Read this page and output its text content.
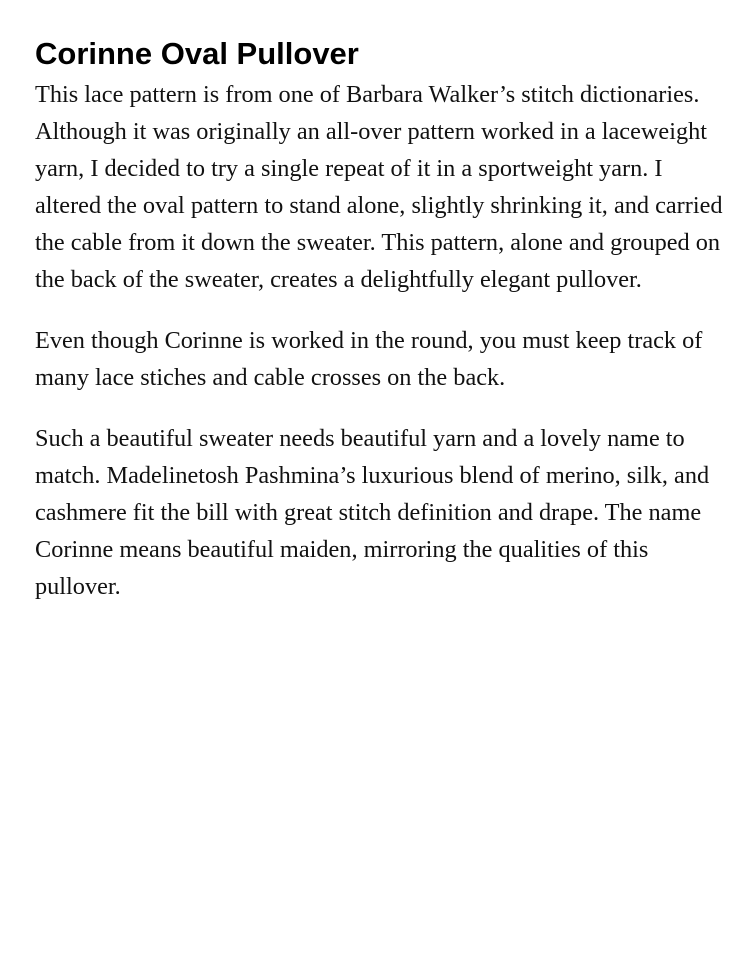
Corinne Oval Pullover

This lace pattern is from one of Barbara Walker’s stitch dictionaries. Although it was originally an all-over pattern worked in a laceweight yarn, I decided to try a single repeat of it in a sportweight yarn. I altered the oval pattern to stand alone, slightly shrinking it, and carried the cable from it down the sweater. This pattern, alone and grouped on the back of the sweater, creates a delightfully elegant pullover.

Even though Corinne is worked in the round, you must keep track of many lace stiches and cable crosses on the back.

Such a beautiful sweater needs beautiful yarn and a lovely name to match. Madelinetosh Pashmina’s luxurious blend of merino, silk, and cashmere fit the bill with great stitch definition and drape. The name Corinne means beautiful maiden, mirroring the qualities of this pullover.
